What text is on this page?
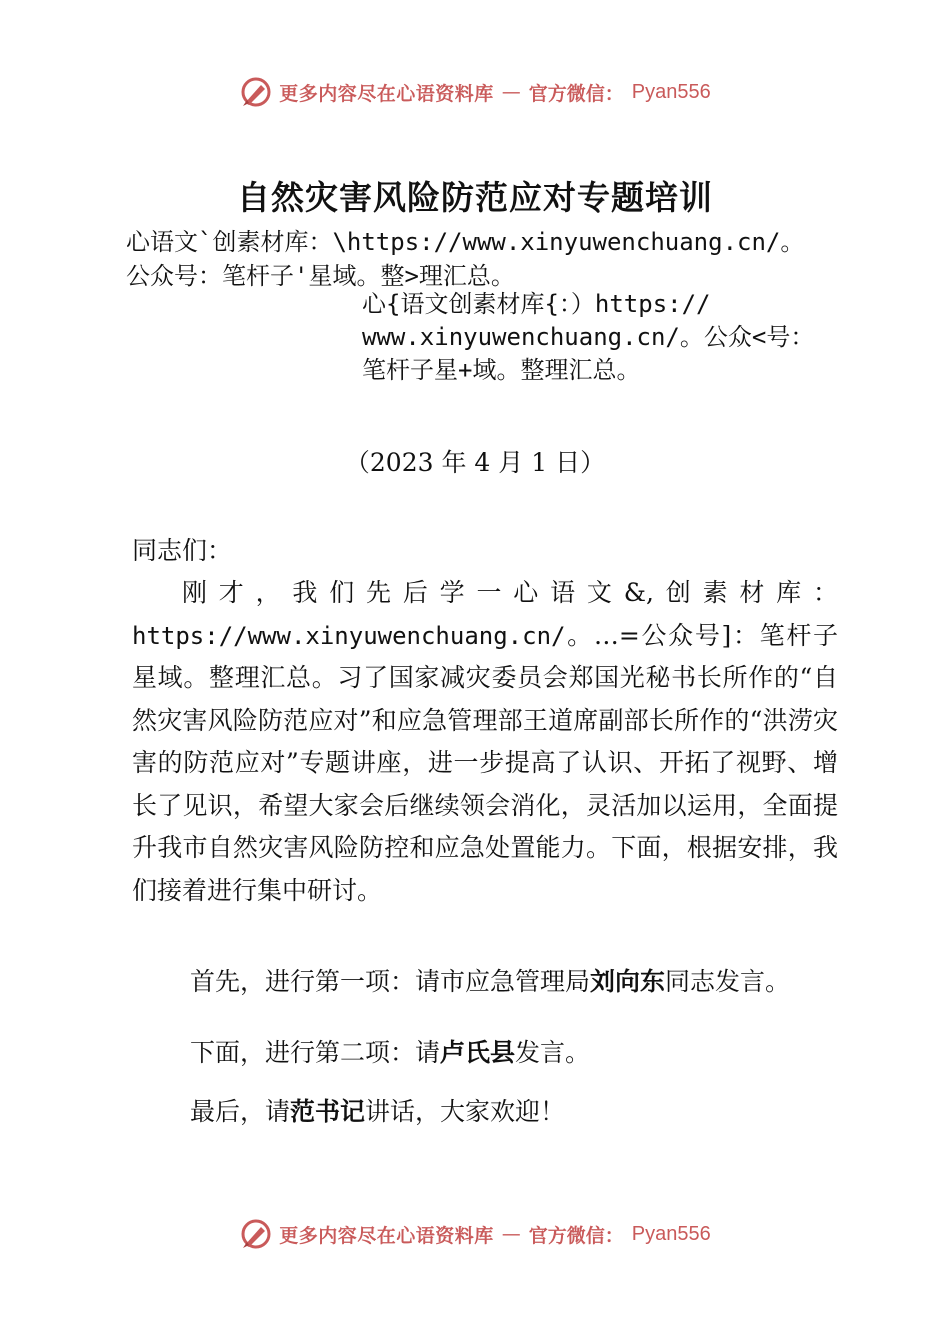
更多内容尽在心语资料库 — 官方微信： Pyan556
自然灾害风险防范应对专题培训
心语文`创素材库：\https://www.xinyuwenchuang.cn/。
公众号：笔杆子'星域。整>理汇总。
心{语文创素材库{：）https://
www.xinyuwenchuang.cn/。公众<号：
笔杆子星+域。整理汇总。
（2023 年 4 月 1 日）
同志们：
刚才，我们先后学一心语文&,创素材库：https://www.xinyuwenchuang.cn/。…=公众号]：笔杆子星域。整理汇总。习了国家减灾委员会郑国光秘书长所作的“自然灾害风险防范应对”和应急管理部王道席副部长所作的“洪涝灾害的防范应对”专题讲座，进一步提高了认识、开拓了视野、增长了见识，希望大家会后继续领会消化，灵活加以运用，全面提升我市自然灾害风险防控和应急处置能力。下面，根据安排，我们接着进行集中研讨。
首先，进行第一项：请市应急管理局刘向东同志发言。
下面，进行第二项：请卢氏县发言。
最后，请范书记讲话，大家欢迎！
更多内容尽在心语资料库 — 官方微信： Pyan556
